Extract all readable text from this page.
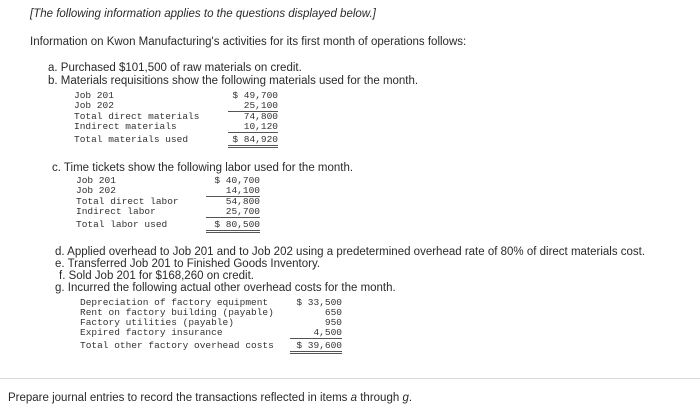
[The following information applies to the questions displayed below.]
Information on Kwon Manufacturing's activities for its first month of operations follows:
a. Purchased $101,500 of raw materials on credit.
b. Materials requisitions show the following materials used for the month.
Job 201	$ 49,700
Job 202	25,100
Total direct materials	74,800
Indirect materials	10,120
Total materials used	$ 84,920
c. Time tickets show the following labor used for the month.
Job 201	$ 40,700
Job 202	14,100
Total direct labor	54,800
Indirect labor	25,700
Total labor used	$ 80,500
d. Applied overhead to Job 201 and to Job 202 using a predetermined overhead rate of 80% of direct materials cost.
e. Transferred Job 201 to Finished Goods Inventory.
f. Sold Job 201 for $168,260 on credit.
g. Incurred the following actual other overhead costs for the month.
Depreciation of factory equipment	$ 33,500
Rent on factory building (payable)	650
Factory utilities (payable)	950
Expired factory insurance	4,500
Total other factory overhead costs	$ 39,600
Prepare journal entries to record the transactions reflected in items a through g.
